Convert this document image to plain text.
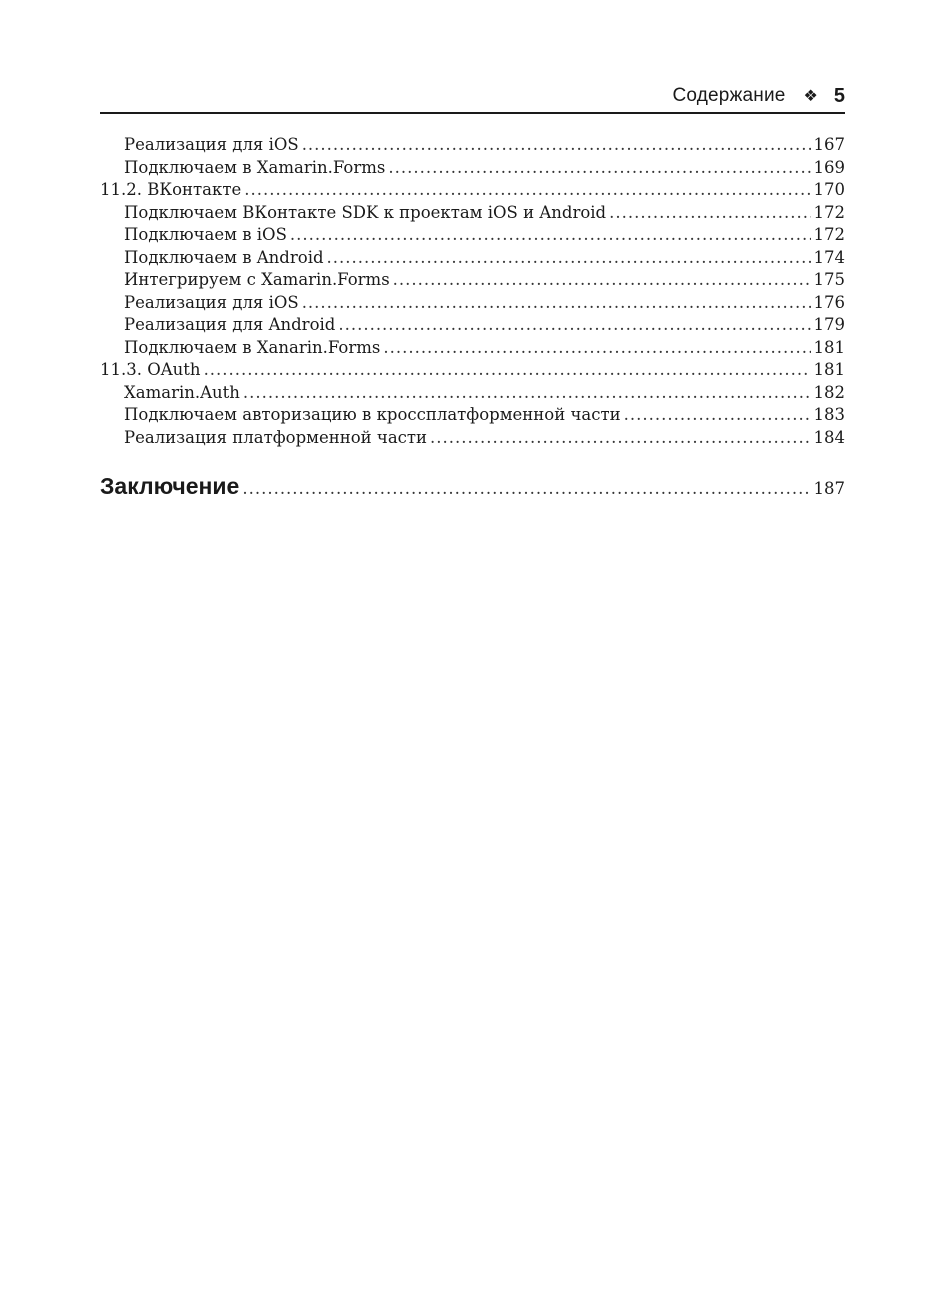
Содержание ❖ 5
Реализация для iOS .....	167
Подключаем в Xamarin.Forms .....	169
11.2. ВКонтакте .....	170
Подключаем ВКонтакте SDK к проектам iOS и Android .....	172
Подключаем в iOS .....	172
Подключаем в Android .....	174
Интегрируем с Xamarin.Forms .....	175
Реализация для iOS .....	176
Реализация для Android .....	179
Подключаем в Xanarin.Forms .....	181
11.3. OAuth .....	181
Xamarin.Auth .....	182
Подключаем авторизацию в кроссплатформенной части .....	183
Реализация платформенной части .....	184
Заключение .....	187
